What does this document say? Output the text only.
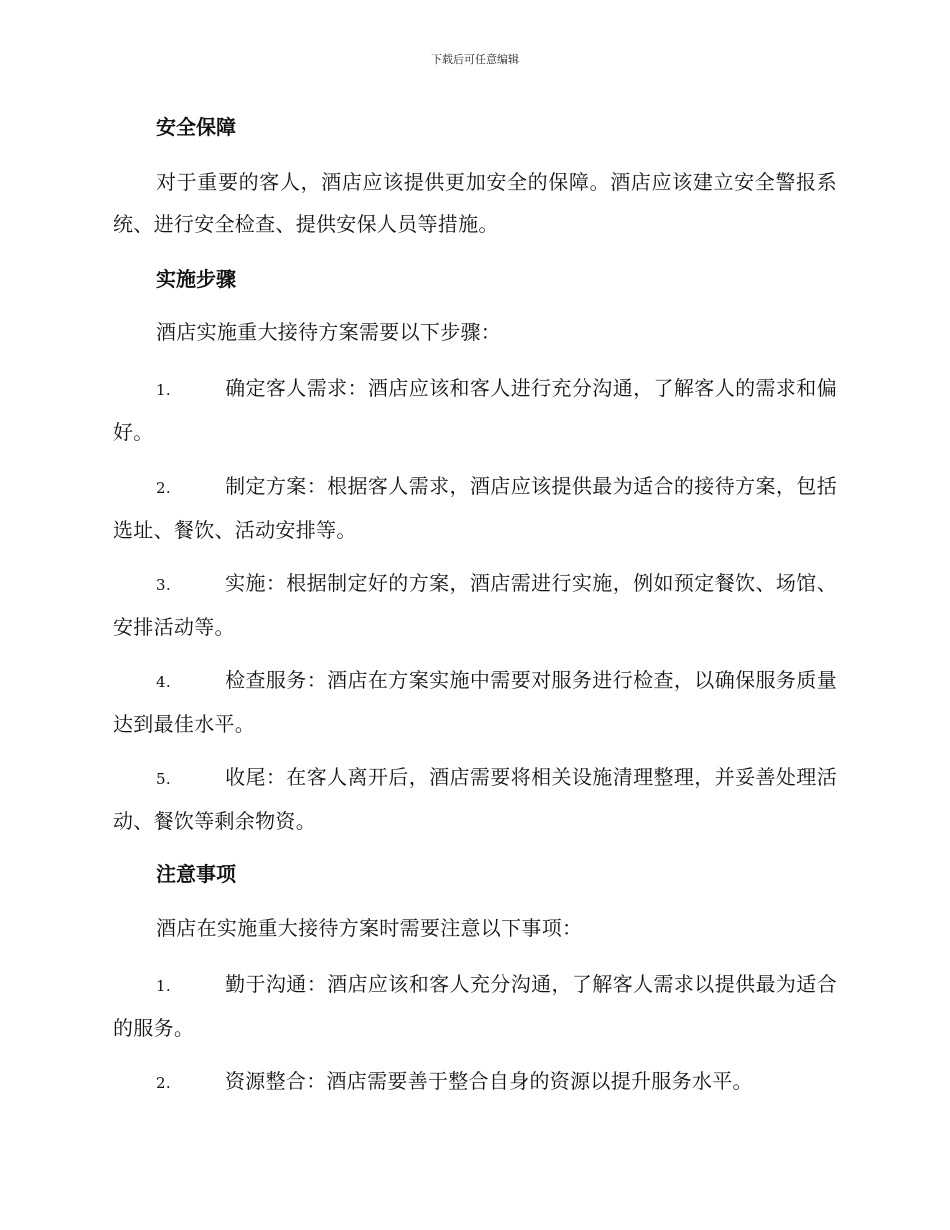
下载后可任意编辑
安全保障

对于重要的客人，酒店应该提供更加安全的保障。酒店应该建立安全警报系统、进行安全检查、提供安保人员等措施。

实施步骤

酒店实施重大接待方案需要以下步骤：

1.	确定客人需求：酒店应该和客人进行充分沟通，了解客人的需求和偏好。

2.	制定方案：根据客人需求，酒店应该提供最为适合的接待方案，包括选址、餐饮、活动安排等。

3.	实施：根据制定好的方案，酒店需进行实施，例如预定餐饮、场馆、安排活动等。

4.	检查服务：酒店在方案实施中需要对服务进行检查，以确保服务质量达到最佳水平。

5.	收尾：在客人离开后，酒店需要将相关设施清理整理，并妥善处理活动、餐饮等剩余物资。

注意事项

酒店在实施重大接待方案时需要注意以下事项：

1.	勤于沟通：酒店应该和客人充分沟通，了解客人需求以提供最为适合的服务。

2.	资源整合：酒店需要善于整合自身的资源以提升服务水平。
